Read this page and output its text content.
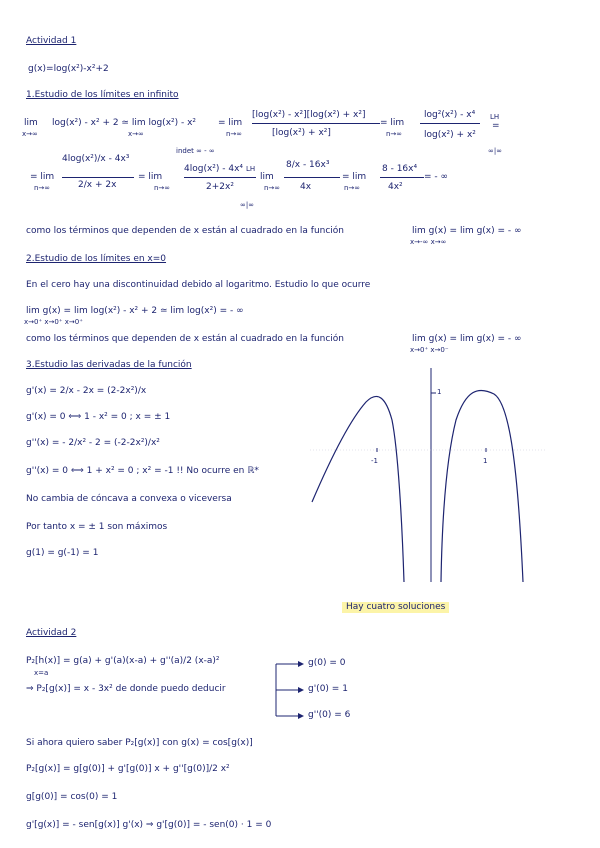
Actividad 1
g(x)=log(x²)-x²+2
1.Estudio de los límites en infinito
lim
x→∞
log(x²) - x² + 2 ≃ lim log(x²) - x²
x→∞
= lim
n→∞
[log(x²) - x²][log(x²) + x²]
[log(x²) + x²]
= lim
n→∞
log²(x²) - x⁴
log(x²) + x²
LH
=
∞|∞
indet ∞ - ∞
= lim
n→∞
4log(x²)/x - 4x³
2/x + 2x
= lim
n→∞
4log(x²) - 4x⁴
2+2x²
LH
lim
n→∞
8/x - 16x³
4x
= lim
n→∞
8 - 16x⁴
4x²
= - ∞
∞|∞
como los términos que dependen de x están al cuadrado en la función	lim g(x) = lim g(x) = - ∞
x→-∞ x→∞
2.Estudio de los límites en x=0
En el cero hay una discontinuidad debido al logaritmo. Estudio lo que ocurre
lim g(x) = lim log(x²) - x² + 2 ≃ lim log(x²) = - ∞
x→0⁺ x→0⁺ x→0⁺
como los términos que dependen de x están al cuadrado en la función	lim g(x) = lim g(x) = - ∞
x→0⁺ x→0⁻
3.Estudio las derivadas de la función
g'(x) = 2/x - 2x = (2-2x²)/x
g'(x) = 0 ⟺ 1 - x² = 0 ; x = ± 1
g''(x) = - 2/x² - 2 = (-2-2x²)/x²
g''(x) = 0 ⟺ 1 + x² = 0 ; x² = -1 !! No ocurre en ℝ*
No cambia de cóncava a convexa o viceversa
Por tanto x = ± 1 son máximos
g(1) = g(-1) = 1
1
-1	1
Hay cuatro soluciones
Actividad 2
P₂[h(x)] = g(a) + g'(a)(x-a) + g''(a)/2 (x-a)²
x=a
⇒ P₂[g(x)] = x - 3x² de donde puedo deducir
g(0) = 0
g'(0) = 1
g''(0) = 6
Si ahora quiero saber P₂[g(x)] con g(x) = cos[g(x)]
P₂[g(x)] = g[g(0)] + g'[g(0)] x + g''[g(0)]/2 x²
g[g(0)] = cos(0) = 1
g'[g(x)] = - sen[g(x)] g'(x) ⇒ g'[g(0)] = - sen(0) · 1 = 0
